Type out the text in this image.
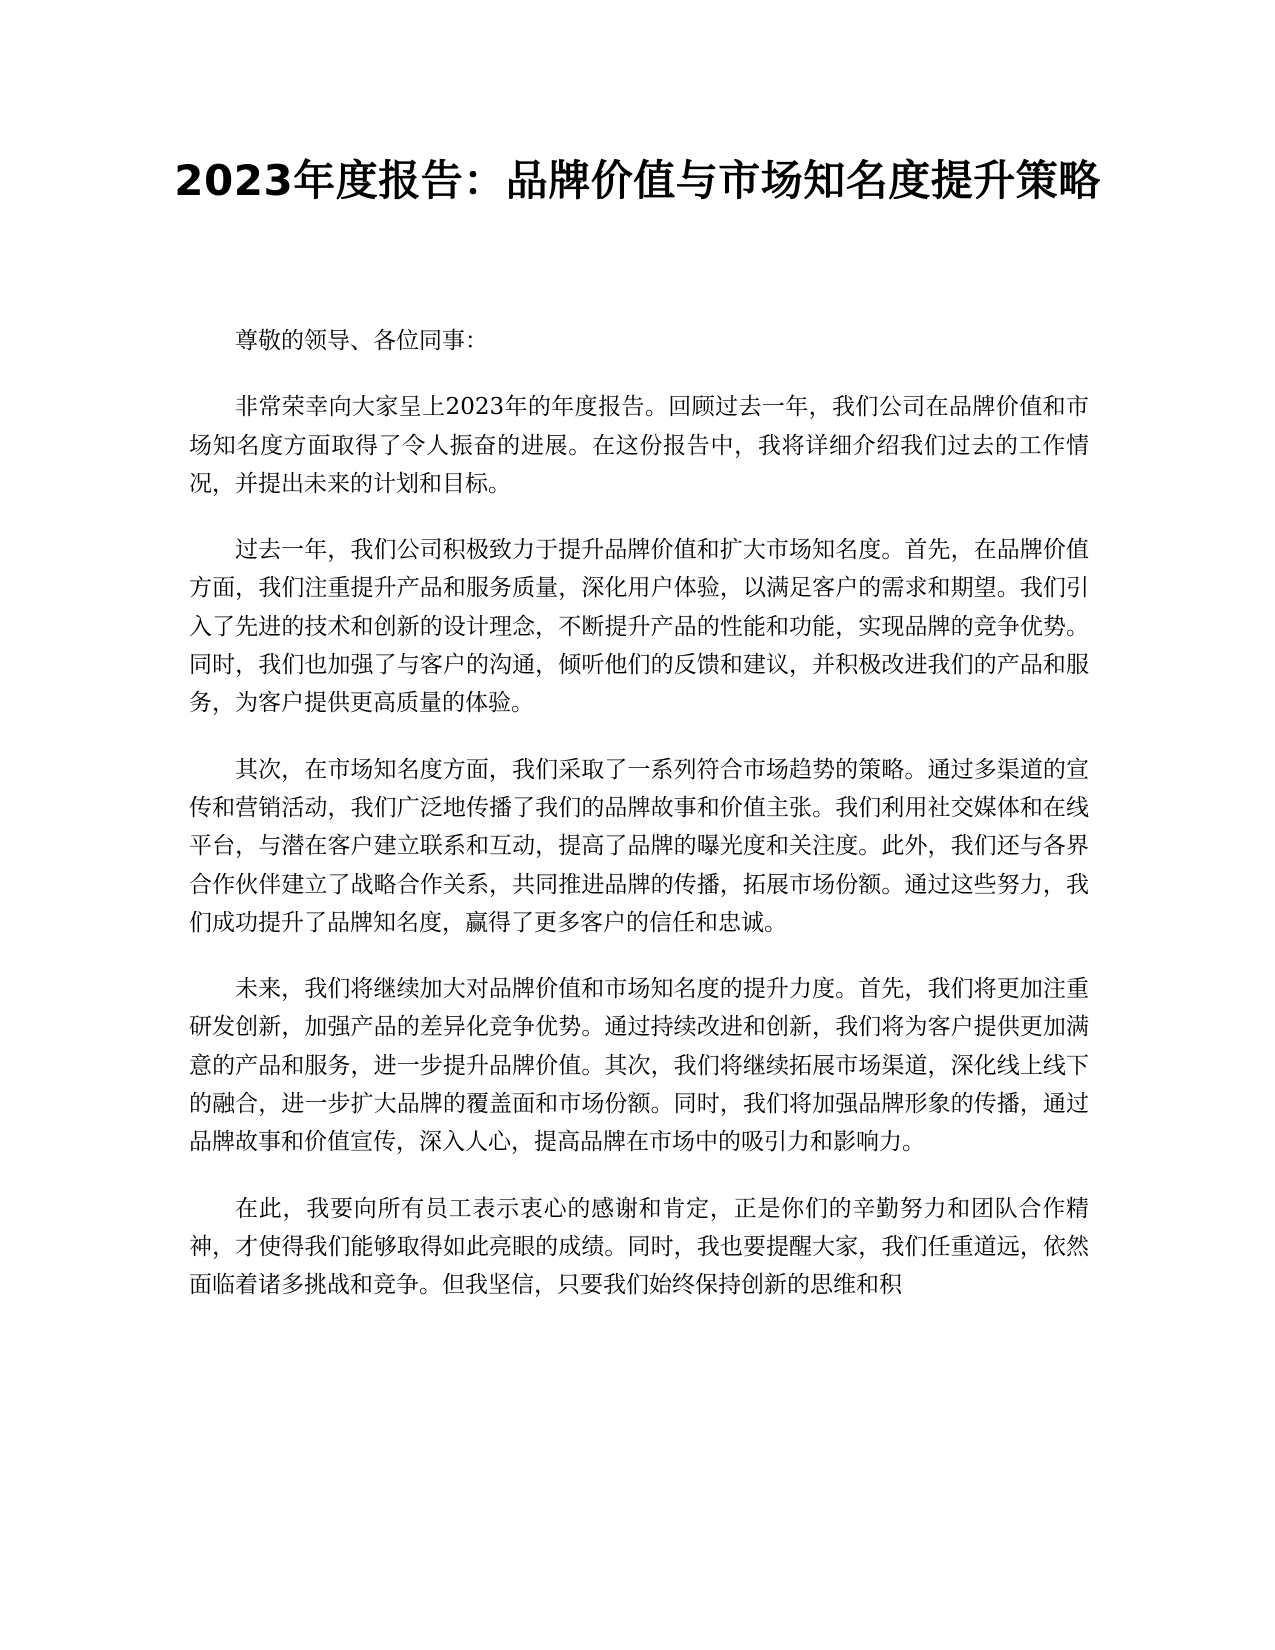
2023年度报告：品牌价值与市场知名度提升策略

尊敬的领导、各位同事：

非常荣幸向大家呈上2023年的年度报告。回顾过去一年，我们公司在品牌价值和市场知名度方面取得了令人振奋的进展。在这份报告中，我将详细介绍我们过去的工作情况，并提出未来的计划和目标。

过去一年，我们公司积极致力于提升品牌价值和扩大市场知名度。首先，在品牌价值方面，我们注重提升产品和服务质量，深化用户体验，以满足客户的需求和期望。我们引入了先进的技术和创新的设计理念，不断提升产品的性能和功能，实现品牌的竞争优势。同时，我们也加强了与客户的沟通，倾听他们的反馈和建议，并积极改进我们的产品和服务，为客户提供更高质量的体验。

其次，在市场知名度方面，我们采取了一系列符合市场趋势的策略。通过多渠道的宣传和营销活动，我们广泛地传播了我们的品牌故事和价值主张。我们利用社交媒体和在线平台，与潜在客户建立联系和互动，提高了品牌的曝光度和关注度。此外，我们还与各界合作伙伴建立了战略合作关系，共同推进品牌的传播，拓展市场份额。通过这些努力，我们成功提升了品牌知名度，赢得了更多客户的信任和忠诚。

未来，我们将继续加大对品牌价值和市场知名度的提升力度。首先，我们将更加注重研发创新，加强产品的差异化竞争优势。通过持续改进和创新，我们将为客户提供更加满意的产品和服务，进一步提升品牌价值。其次，我们将继续拓展市场渠道，深化线上线下的融合，进一步扩大品牌的覆盖面和市场份额。同时，我们将加强品牌形象的传播，通过品牌故事和价值宣传，深入人心，提高品牌在市场中的吸引力和影响力。

在此，我要向所有员工表示衷心的感谢和肯定，正是你们的辛勤努力和团队合作精神，才使得我们能够取得如此亮眼的成绩。同时，我也要提醒大家，我们任重道远，依然面临着诸多挑战和竞争。但我坚信，只要我们始终保持创新的思维和积
